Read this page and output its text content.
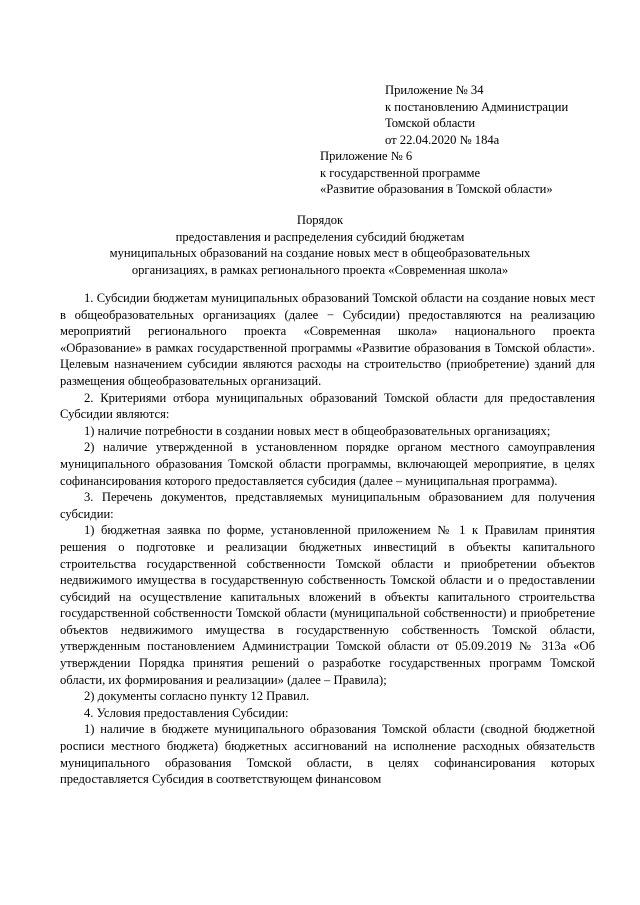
Приложение № 34
к постановлению Администрации
Томской области
от 22.04.2020 № 184а
Приложение № 6
к государственной программе
«Развитие образования в Томской области»
Порядок
предоставления и распределения субсидий бюджетам
муниципальных образований на создание новых мест в общеобразовательных
организациях, в рамках регионального проекта «Современная школа»

1. Субсидии бюджетам муниципальных образований Томской области на создание новых мест в общеобразовательных организациях (далее − Субсидии) предоставляются на реализацию мероприятий регионального проекта «Современная школа» национального проекта «Образование» в рамках государственной программы «Развитие образования в Томской области». Целевым назначением субсидии являются расходы на строительство (приобретение) зданий для размещения общеобразовательных организаций.

2. Критериями отбора муниципальных образований Томской области для предоставления Субсидии являются:

1) наличие потребности в создании новых мест в общеобразовательных организациях;

2) наличие утвержденной в установленном порядке органом местного самоуправления муниципального образования Томской области программы, включающей мероприятие, в целях софинансирования которого предоставляется субсидия (далее – муниципальная программа).

3. Перечень документов, представляемых муниципальным образованием для получения субсидии:

1) бюджетная заявка по форме, установленной приложением № 1 к Правилам принятия решения о подготовке и реализации бюджетных инвестиций в объекты капитального строительства государственной собственности Томской области и приобретении объектов недвижимого имущества в государственную собственность Томской области и о предоставлении субсидий на осуществление капитальных вложений в объекты капитального строительства государственной собственности Томской области (муниципальной собственности) и приобретение объектов недвижимого имущества в государственную собственность Томской области, утвержденным постановлением Администрации Томской области от 05.09.2019 № 313а «Об утверждении Порядка принятия решений о разработке государственных программ Томской области, их формирования и реализации» (далее – Правила);

2) документы согласно пункту 12 Правил.

4. Условия предоставления Субсидии:

1) наличие в бюджете муниципального образования Томской области (сводной бюджетной росписи местного бюджета) бюджетных ассигнований на исполнение расходных обязательств муниципального образования Томской области, в целях софинансирования которых предоставляется Субсидия в соответствующем финансовом
